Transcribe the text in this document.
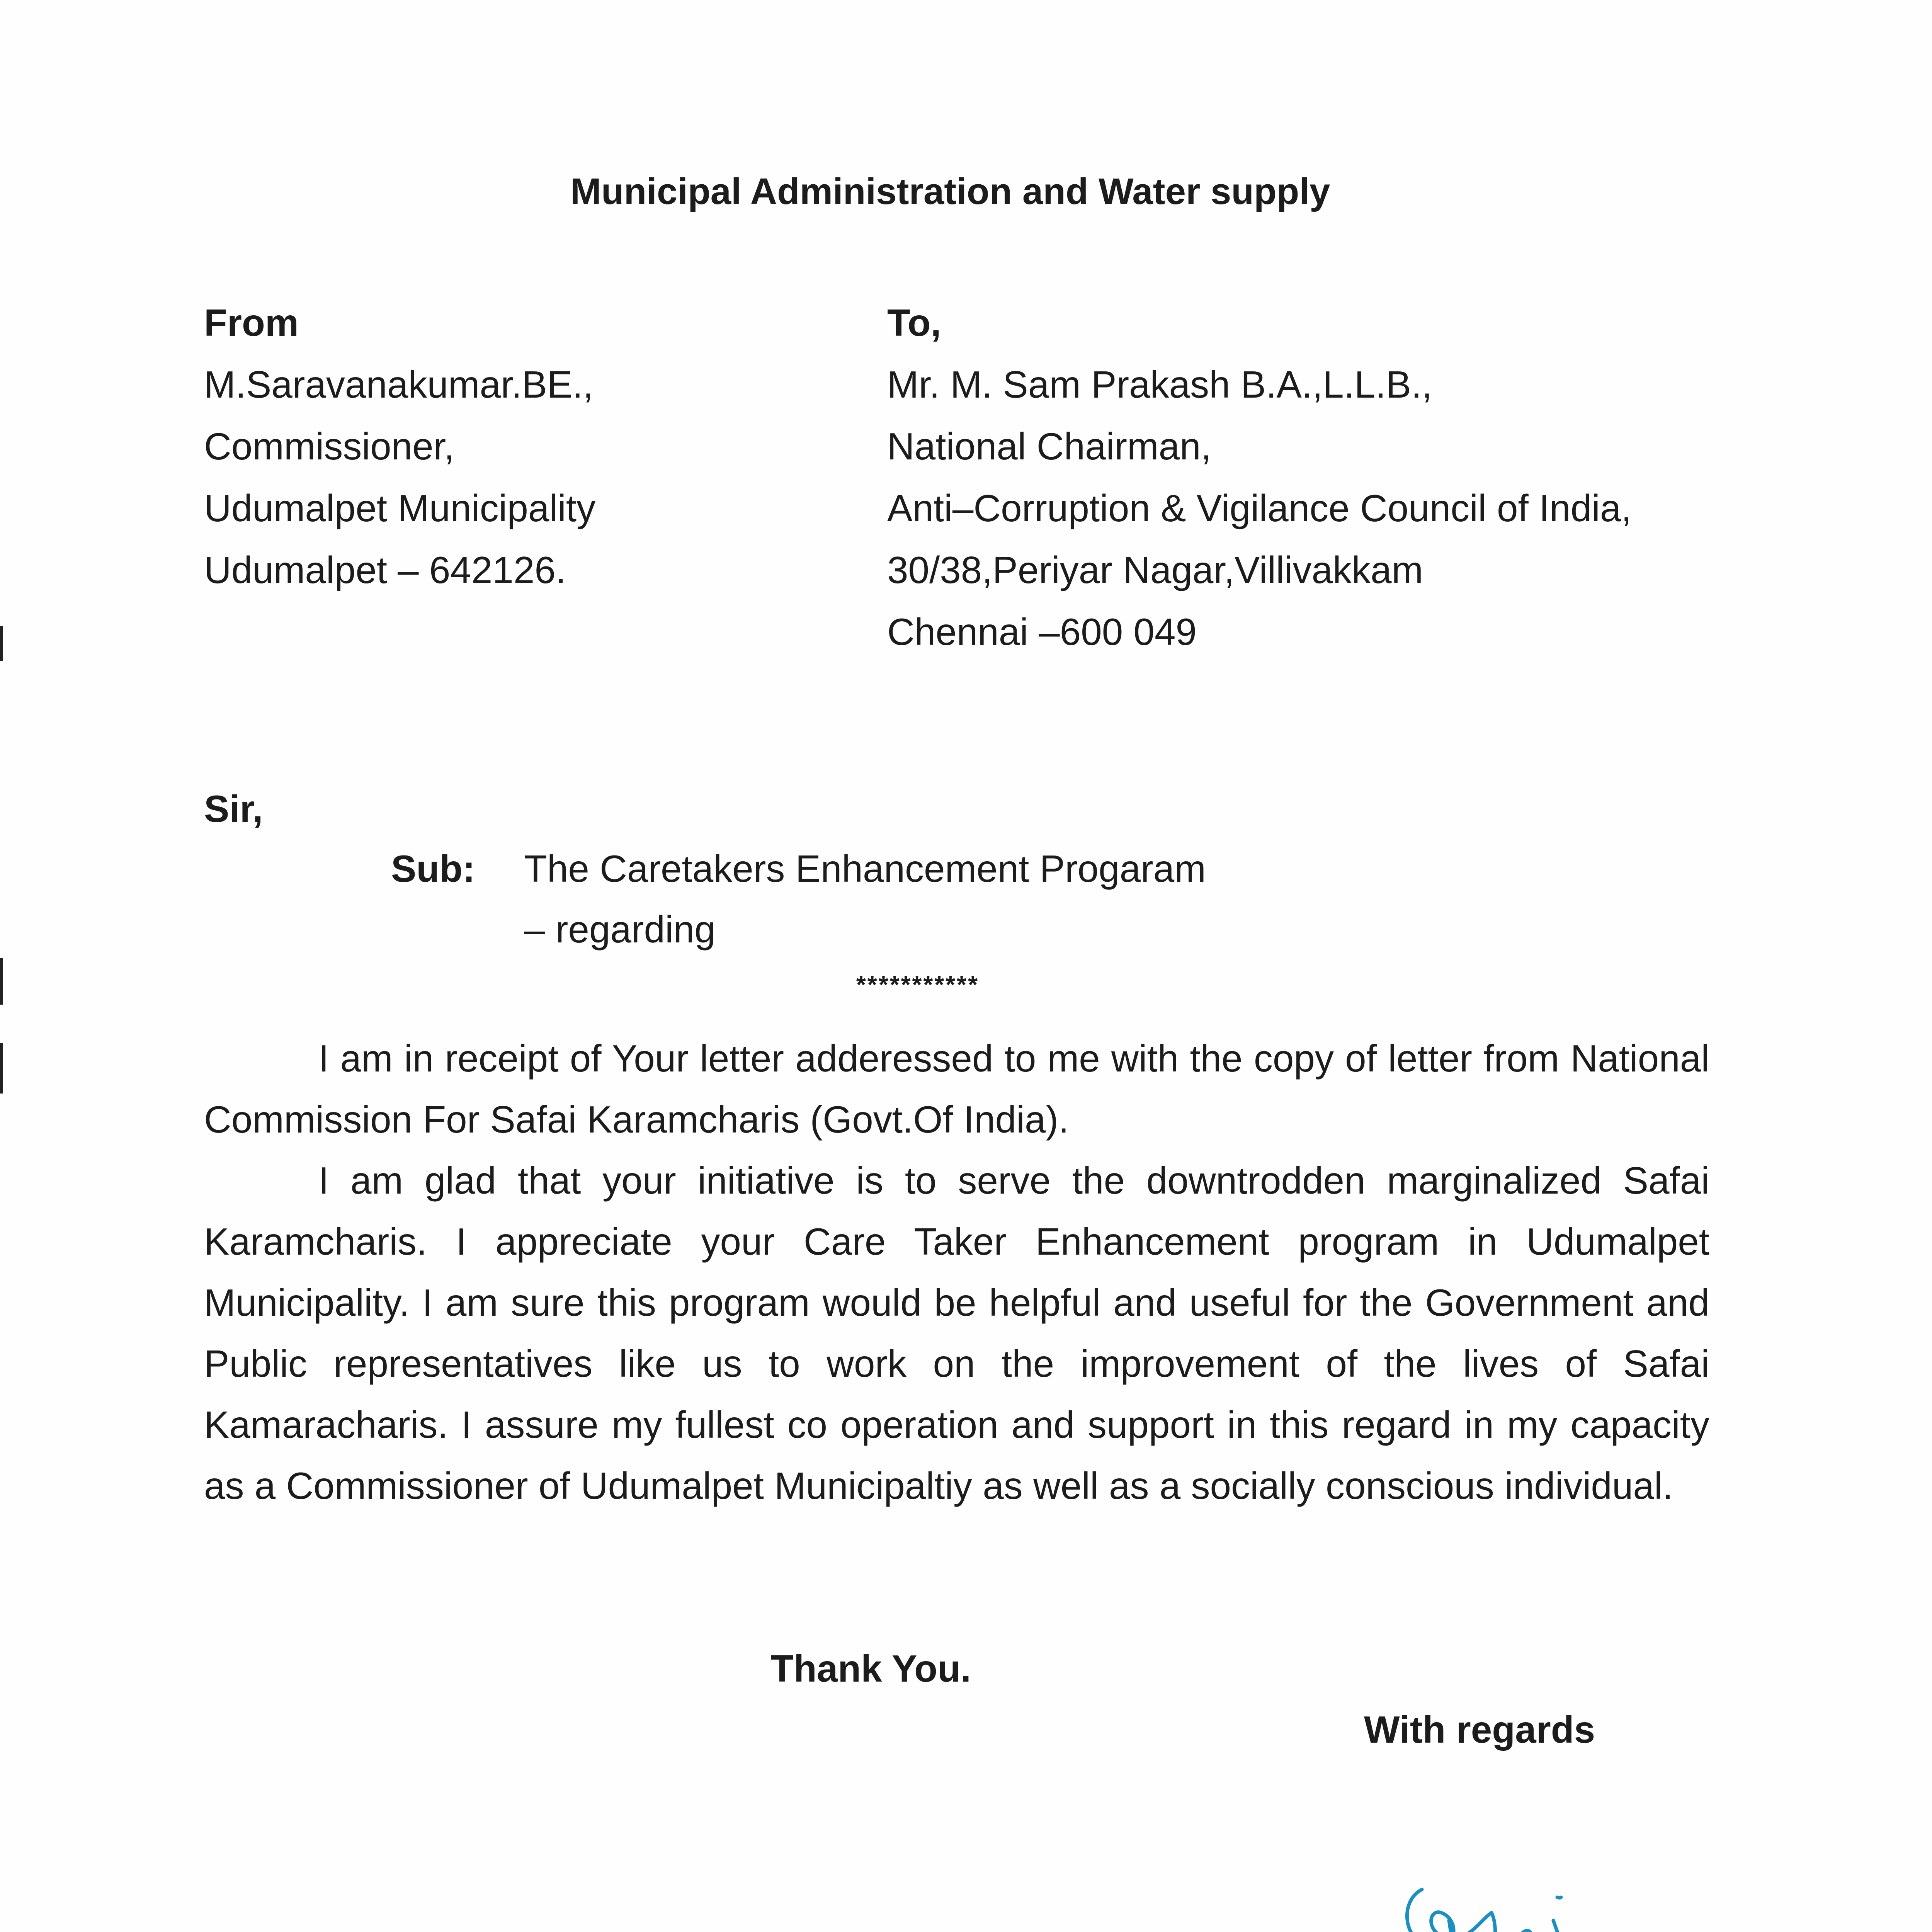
Municipal Administration and Water supply
From
M.Saravanakumar.BE.,
Commissioner,
Udumalpet Municipality
Udumalpet – 642126.
To,
Mr. M. Sam Prakash B.A.,L.L.B.,
National Chairman,
Anti–Corruption & Vigilance Council of India,
30/38,Periyar Nagar,Villivakkam
Chennai –600 049
Sir,
Sub: The Caretakers Enhancement Progaram
– regarding
***********

I am in receipt of Your letter adderessed to me with the copy of letter from National Commission For Safai Karamcharis (Govt.Of India).

I am glad that your initiative is to serve the downtrodden marginalized Safai Karamcharis. I appreciate your Care Taker Enhancement program in Udumalpet Municipality. I am sure this program would be helpful and useful for the Government and Public representatives like us to work on the improvement of the lives of Safai Kamaracharis. I assure my fullest co operation and support in this regard in my capacity as a Commissioner of Udumalpet Municipaltiy as well as a socially conscious individual.

Thank You.
With regards
